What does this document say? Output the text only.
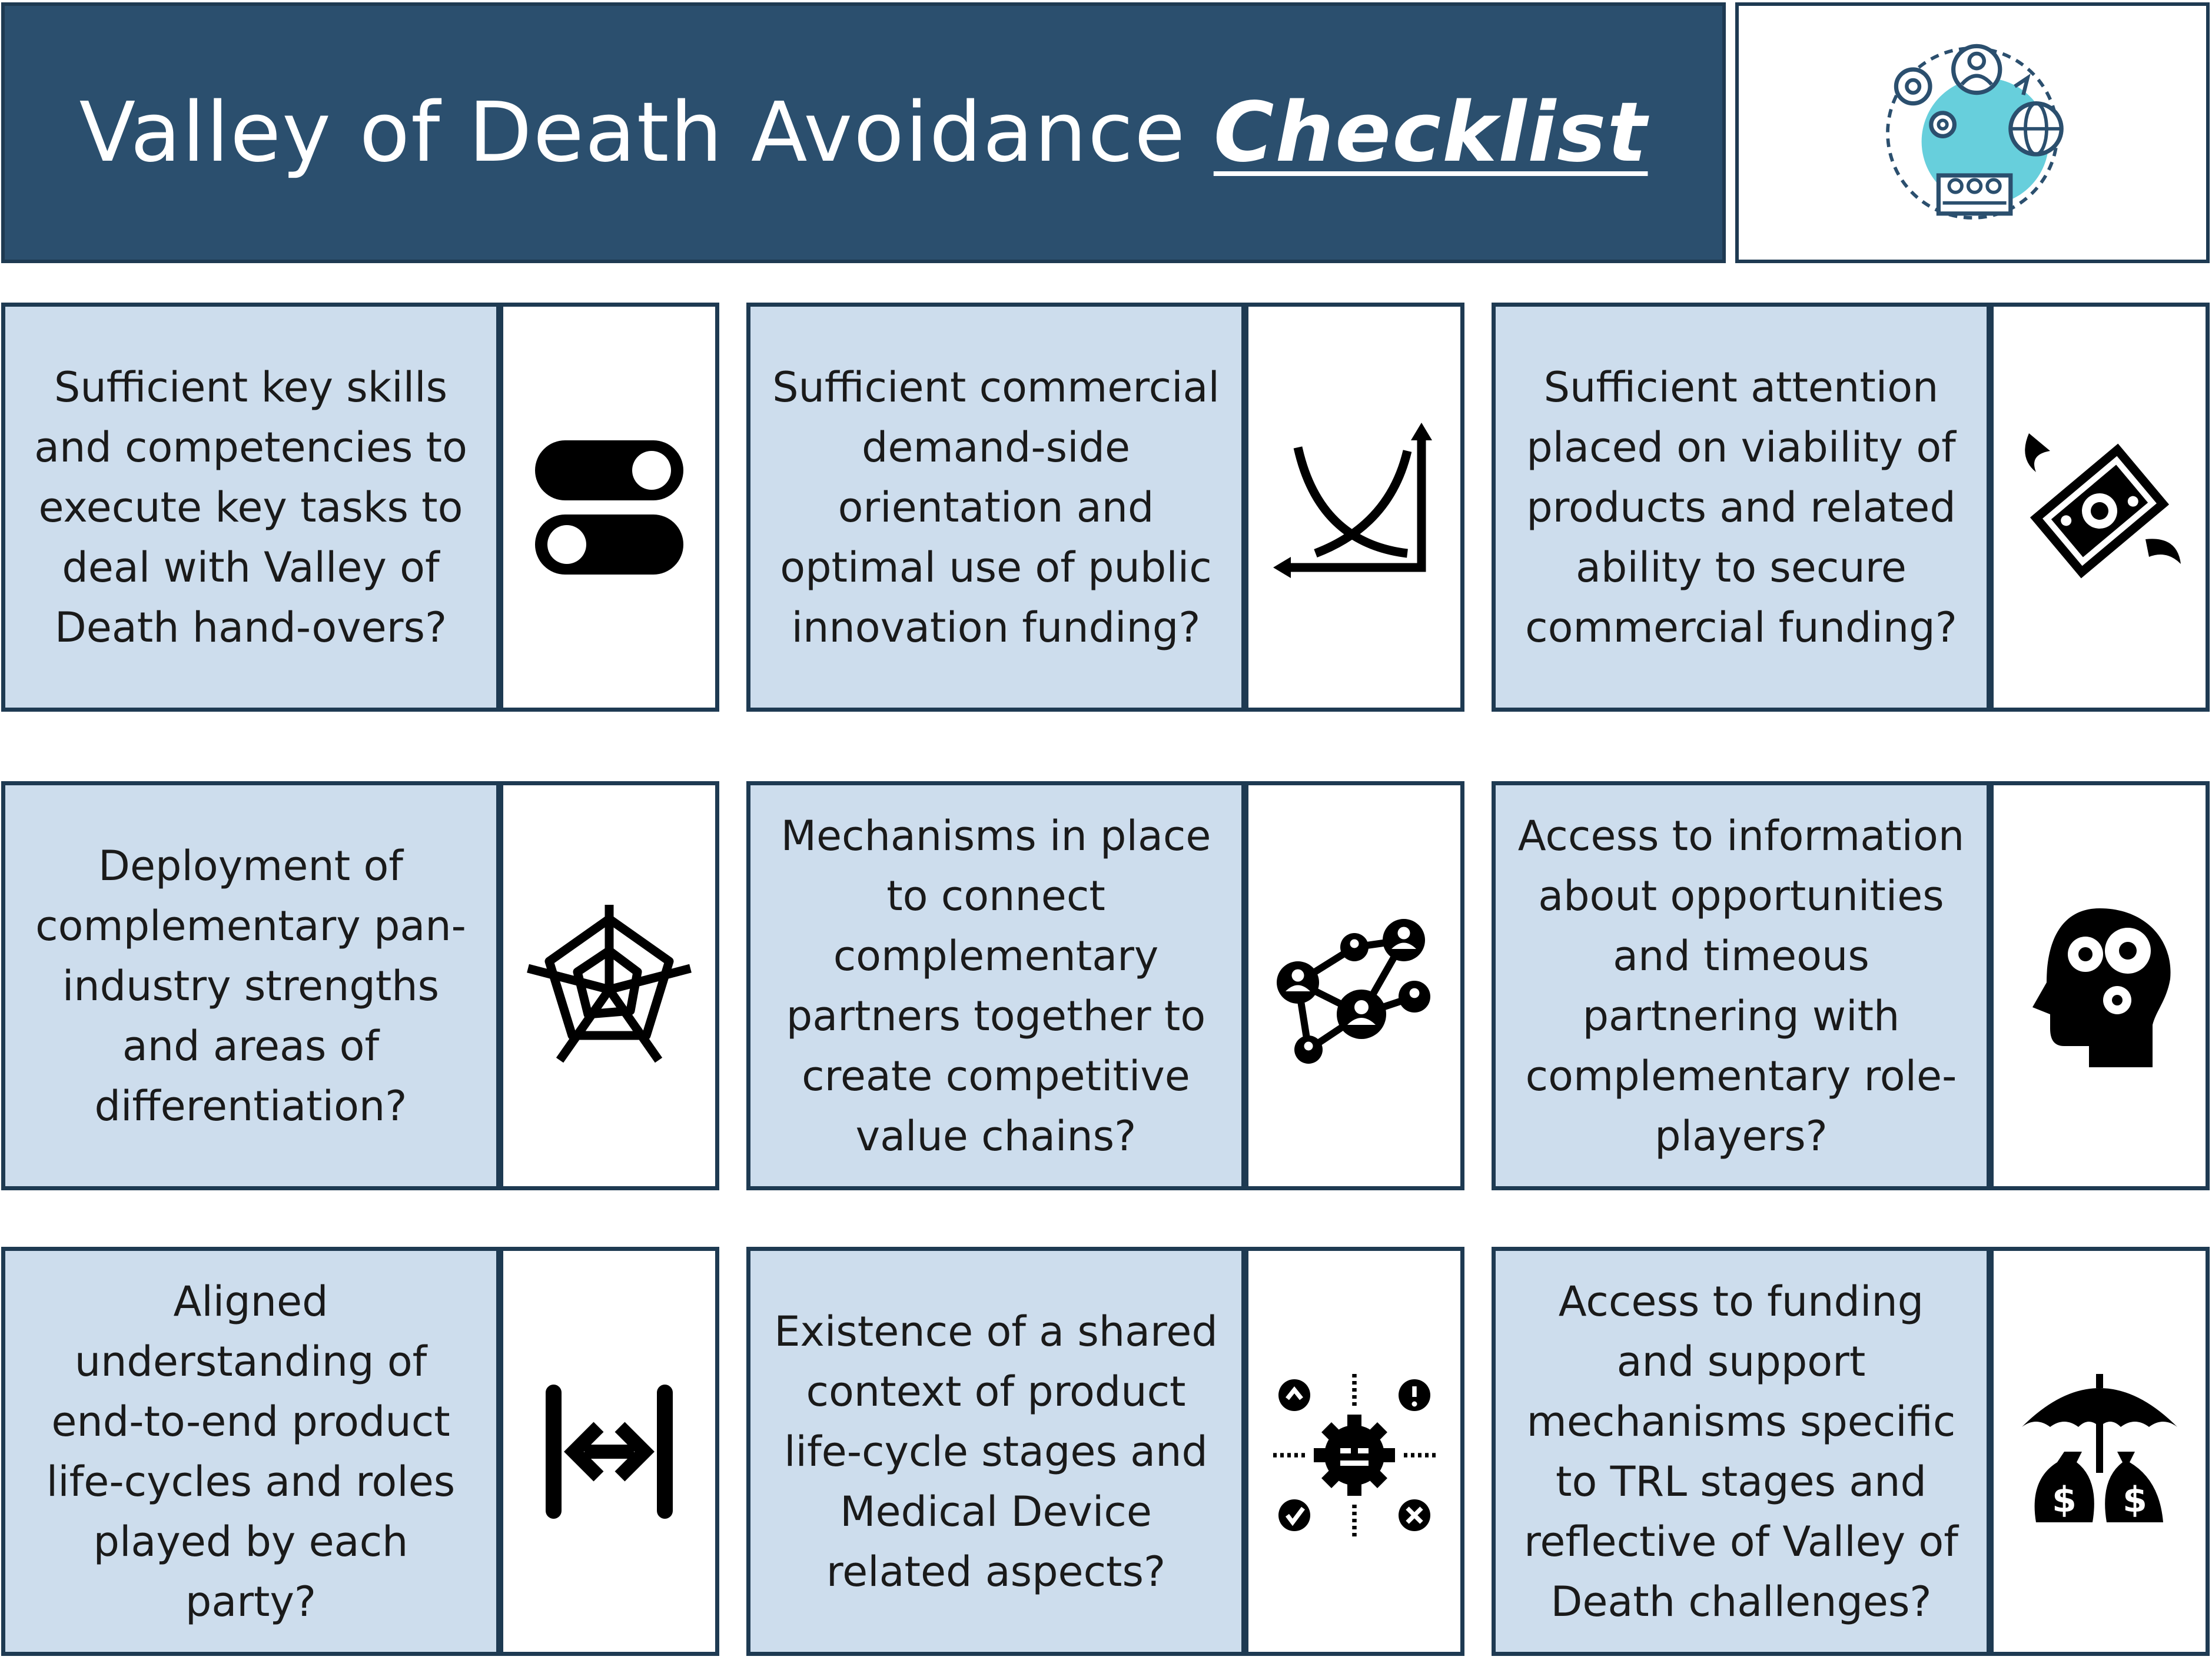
Valley of Death Avoidance Checklist
Sufficient key skills and competencies to execute key tasks to deal with Valley of Death hand-overs?
Sufficient commercial demand-side orientation and optimal use of public innovation funding?
Sufficient attention placed on viability of products and related ability to secure commercial funding?
Deployment of complementary pan-industry strengths and areas of differentiation?
Mechanisms in place to connect complementary partners together to create competitive value chains?
Access to information about opportunities and timeous partnering with complementary role-players?
Aligned understanding of end-to-end product life-cycles and roles played by each party?
Existence of a shared context of product life-cycle stages and Medical Device related aspects?
Access to funding and support mechanisms specific to TRL stages and reflective of Valley of Death challenges?
$	$
